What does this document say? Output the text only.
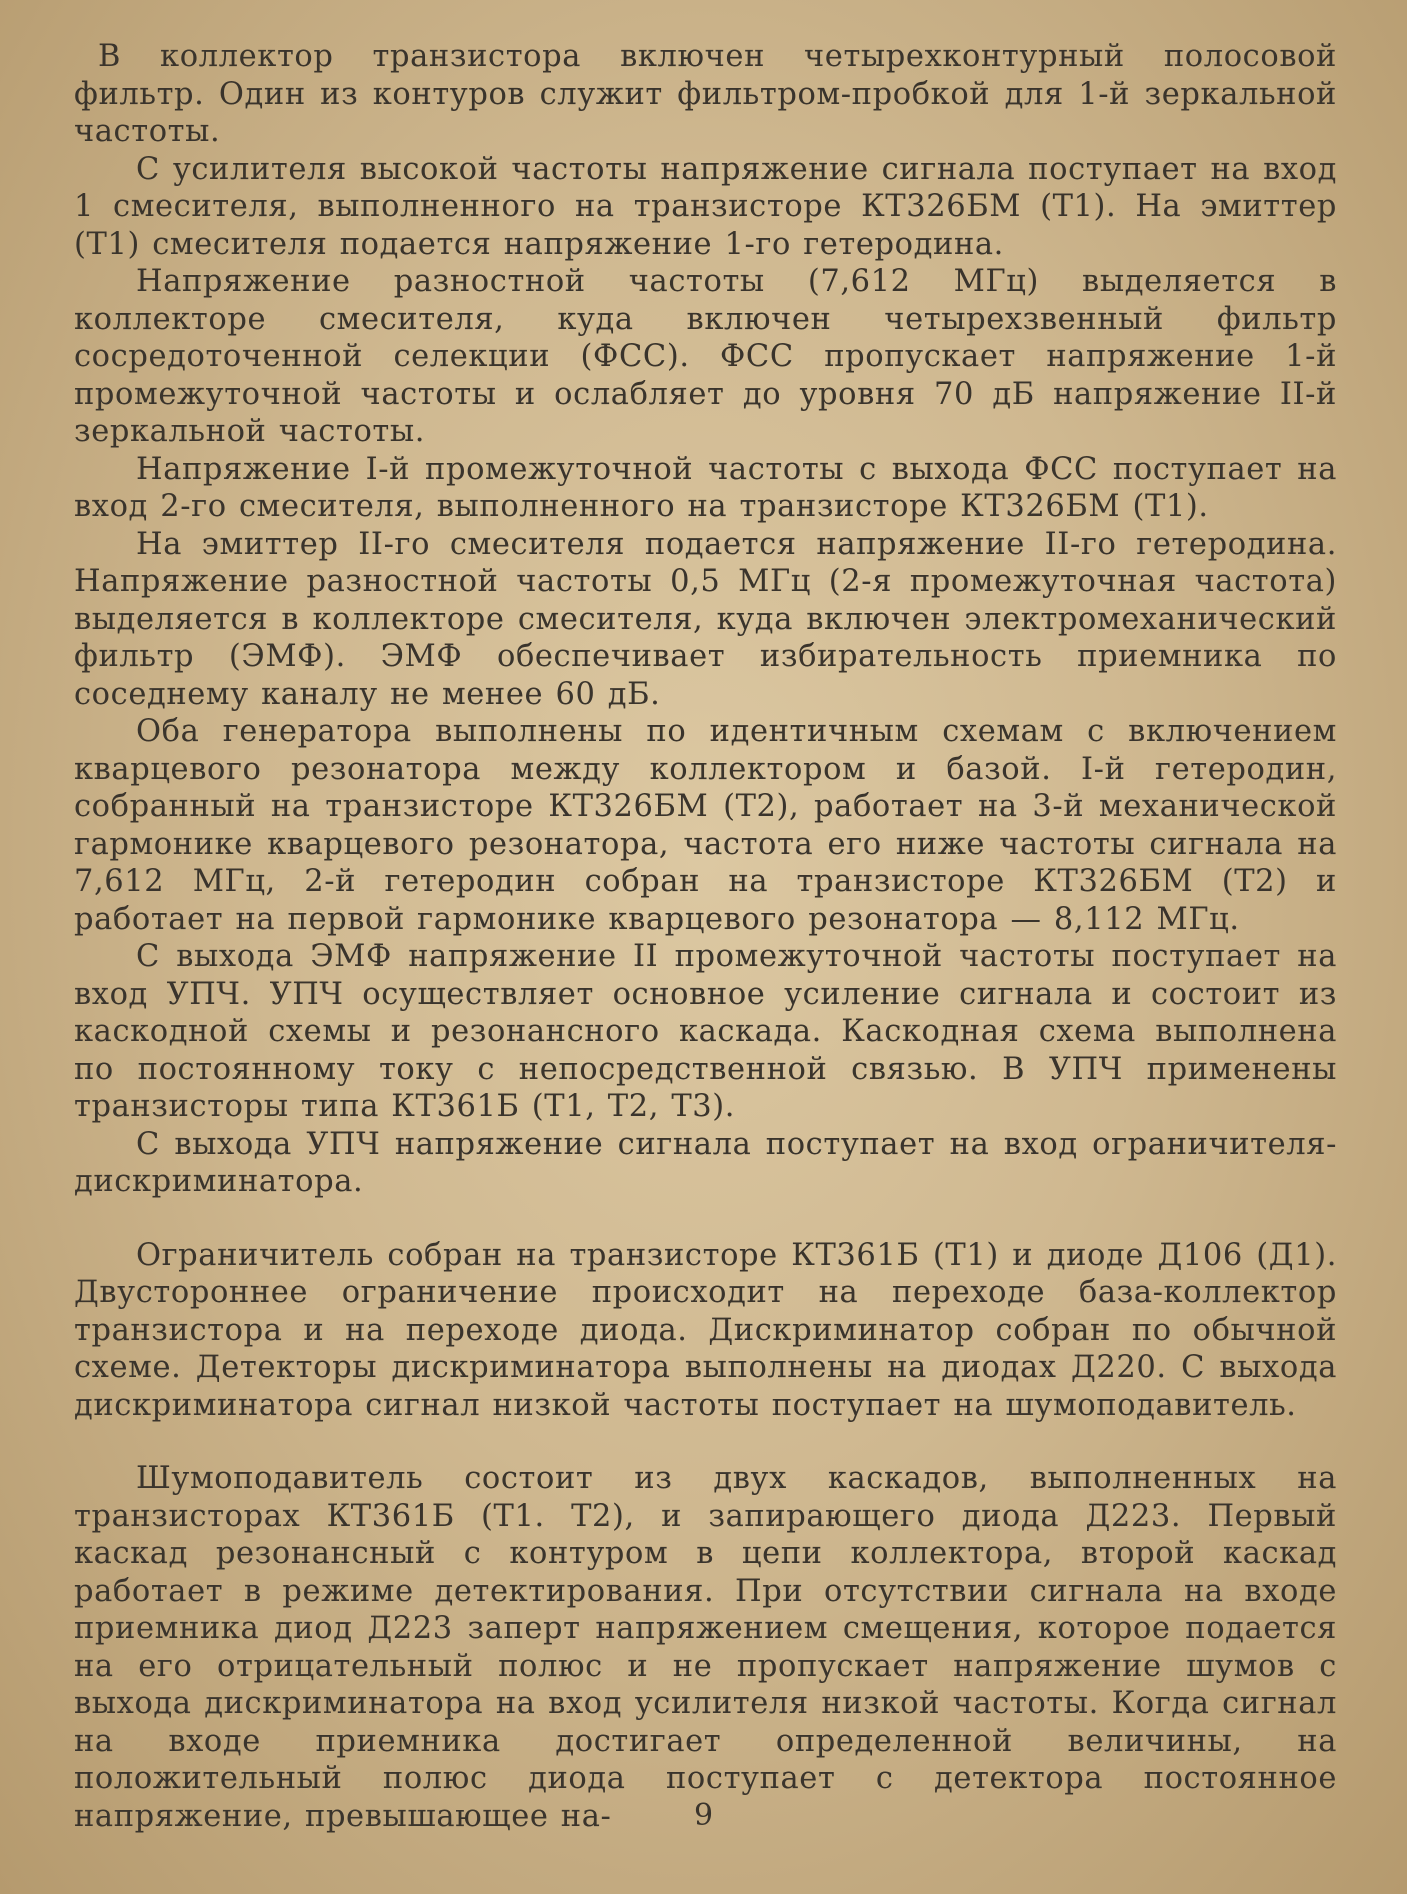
В коллектор транзистора включен четырехконтурный полосовой фильтр. Один из контуров служит фильтром-пробкой для 1-й зеркальной частоты.

С усилителя высокой частоты напряжение сигнала поступает на вход 1 смесителя, выполненного на транзисторе КТ326БМ (Т1). На эмиттер (Т1) смесителя подается напряжение 1-го гетеродина.

Напряжение разностной частоты (7,612 МГц) выделяется в коллекторе смесителя, куда включен четырехзвенный фильтр сосредоточенной селекции (ФСС). ФСС пропускает напряжение 1-й промежуточной частоты и ослабляет до уровня 70 дБ напряжение II-й зеркальной частоты.

Напряжение I-й промежуточной частоты с выхода ФСС поступает на вход 2-го смесителя, выполненного на транзисторе КТ326БМ (Т1).

На эмиттер II-го смесителя подается напряжение II-го гетеродина. Напряжение разностной частоты 0,5 МГц (2-я промежуточная частота) выделяется в коллекторе смесителя, куда включен электромеханический фильтр (ЭМФ). ЭМФ обеспечивает избирательность приемника по соседнему каналу не менее 60 дБ.

Оба генератора выполнены по идентичным схемам с включением кварцевого резонатора между коллектором и базой. I-й гетеродин, собранный на транзисторе КТ326БМ (Т2), работает на 3-й механической гармонике кварцевого резонатора, частота его ниже частоты сигнала на 7,612 МГц, 2-й гетеродин собран на транзисторе КТ326БМ (Т2) и работает на первой гармонике кварцевого резонатора — 8,112 МГц.

С выхода ЭМФ напряжение II промежуточной частоты поступает на вход УПЧ. УПЧ осуществляет основное усиление сигнала и состоит из каскодной схемы и резонансного каскада. Каскодная схема выполнена по постоянному току с непосредственной связью. В УПЧ применены транзисторы типа КТ361Б (Т1, Т2, Т3).

С выхода УПЧ напряжение сигнала поступает на вход ограничителя-дискриминатора.

Ограничитель собран на транзисторе КТ361Б (Т1) и диоде Д106 (Д1). Двустороннее ограничение происходит на переходе база-коллектор транзистора и на переходе диода. Дискриминатор собран по обычной схеме. Детекторы дискриминатора выполнены на диодах Д220. С выхода дискриминатора сигнал низкой частоты поступает на шумоподавитель.

Шумоподавитель состоит из двух каскадов, выполненных на транзисторах КТ361Б (Т1. Т2), и запирающего диода Д223. Первый каскад резонансный с контуром в цепи коллектора, второй каскад работает в режиме детектирования. При отсутствии сигнала на входе приемника диод Д223 заперт напряжением смещения, которое подается на его отрицательный полюс и не пропускает напряжение шумов с выхода дискриминатора на вход усилителя низкой частоты. Когда сигнал на входе приемника достигает определенной величины, на положительный полюс диода поступает с детектора постоянное напряжение, превышающее на-	9
